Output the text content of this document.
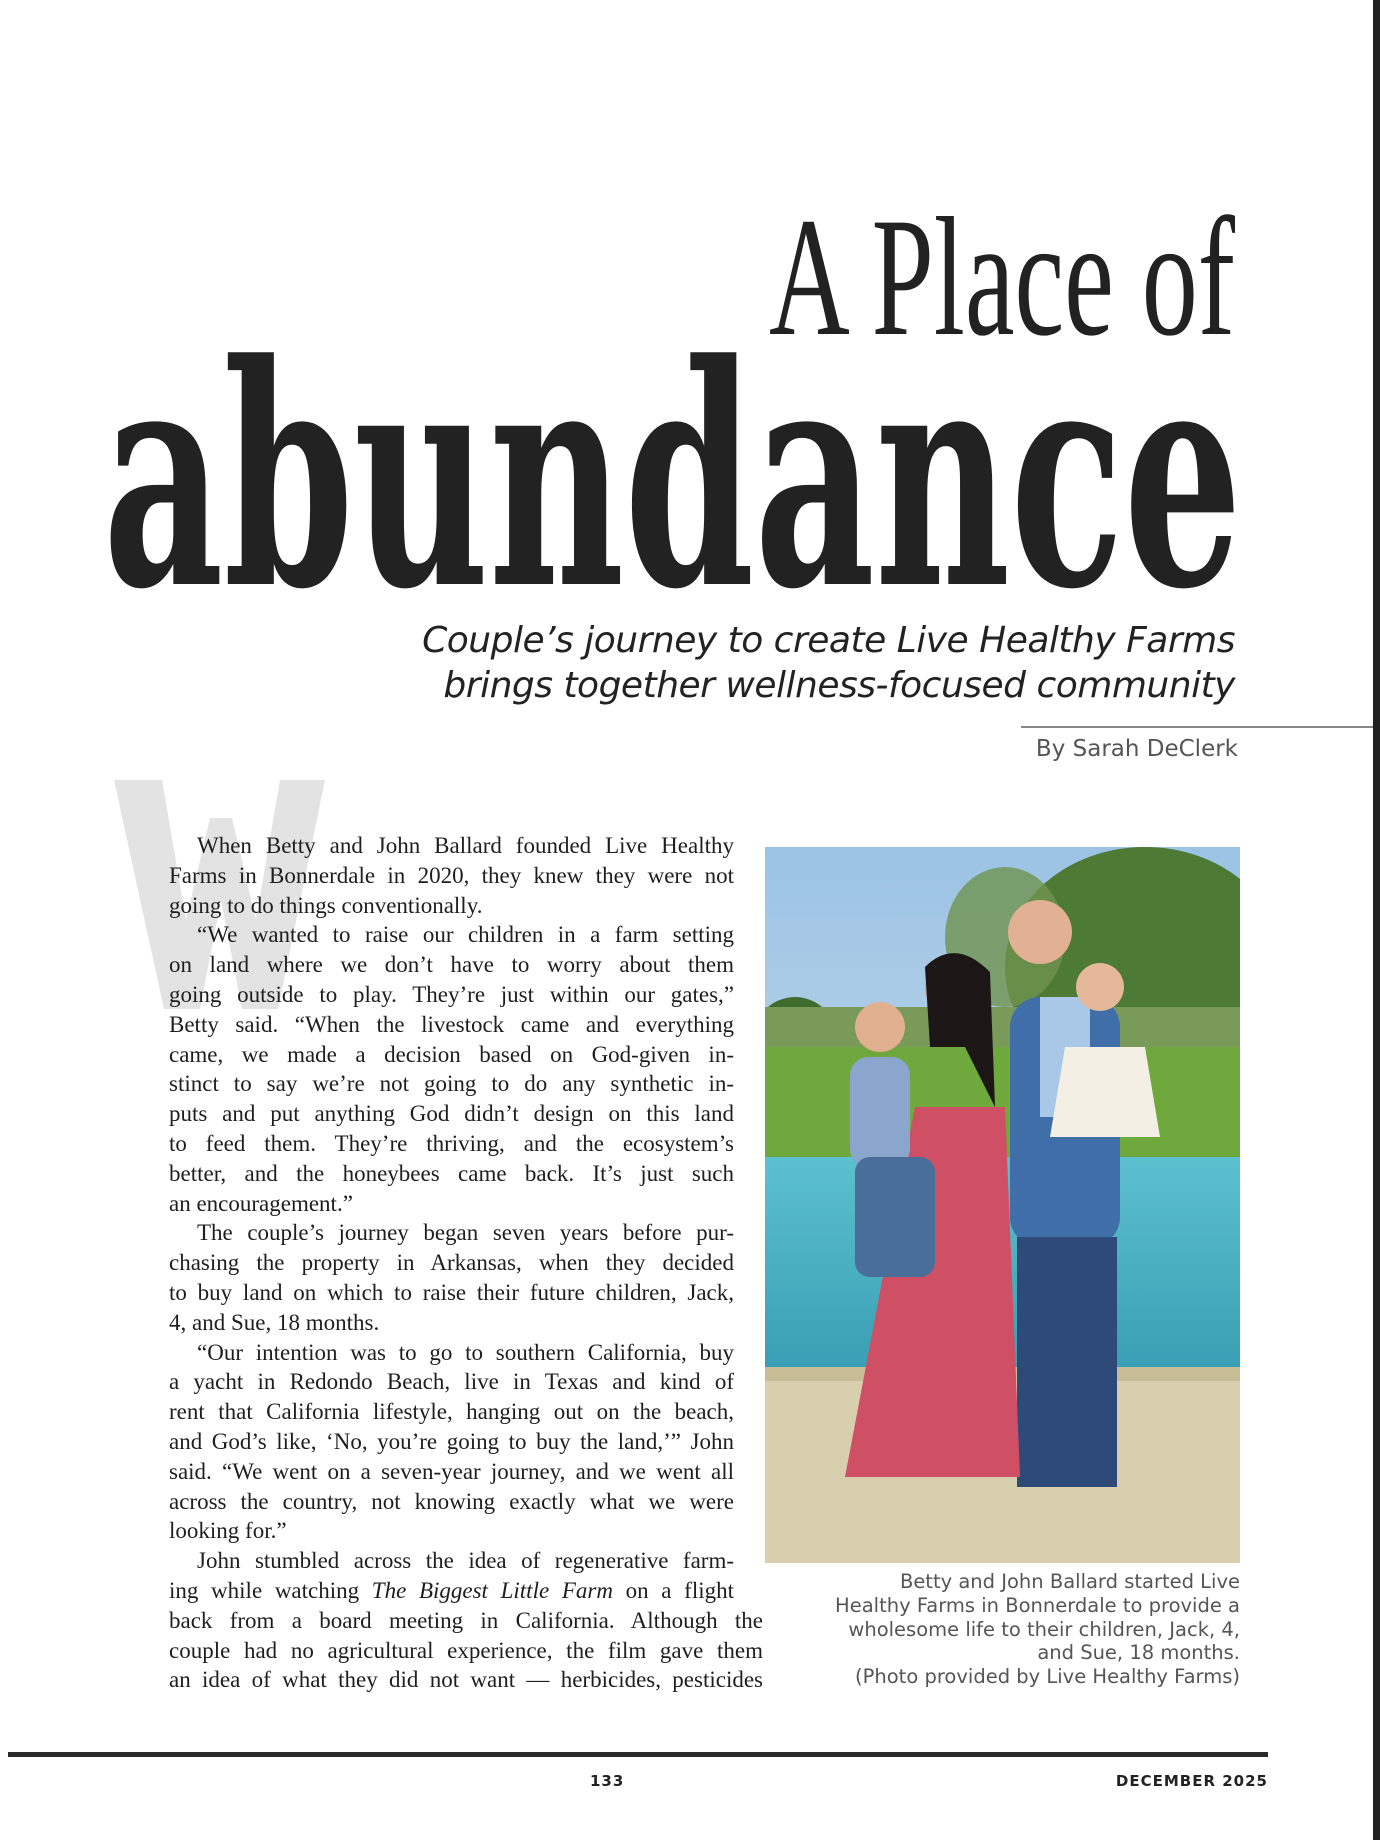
A Place of
abundance
Couple’s journey to create Live Healthy Farms
brings together wellness-focused community
By Sarah DeClerk
When Betty and John Ballard founded Live Healthy
Farms in Bonnerdale in 2020, they knew they were not
going to do things conventionally.
“We wanted to raise our children in a farm setting
on land where we don’t have to worry about them
going outside to play. They’re just within our gates,”
Betty said. “When the livestock came and everything
came, we made a decision based on God-given in-
stinct to say we’re not going to do any synthetic in-
puts and put anything God didn’t design on this land
to feed them. They’re thriving, and the ecosystem’s
better, and the honeybees came back. It’s just such
an encouragement.”
The couple’s journey began seven years before pur-
chasing the property in Arkansas, when they decided
to buy land on which to raise their future children, Jack,
4, and Sue, 18 months.
“Our intention was to go to southern California, buy
a yacht in Redondo Beach, live in Texas and kind of
rent that California lifestyle, hanging out on the beach,
and God’s like, ‘No, you’re going to buy the land,’” John
said. “We went on a seven-year journey, and we went all
across the country, not knowing exactly what we were
looking for.”
John stumbled across the idea of regenerative farm-
ing while watching The Biggest Little Farm on a flight
back from a board meeting in California. Although the
couple had no agricultural experience, the film gave them
an idea of what they did not want — herbicides, pesticides
Betty and John Ballard started Live
Healthy Farms in Bonnerdale to provide a
wholesome life to their children, Jack, 4,
and Sue, 18 months.
(Photo provided by Live Healthy Farms)
133	DECEMBER 2025
